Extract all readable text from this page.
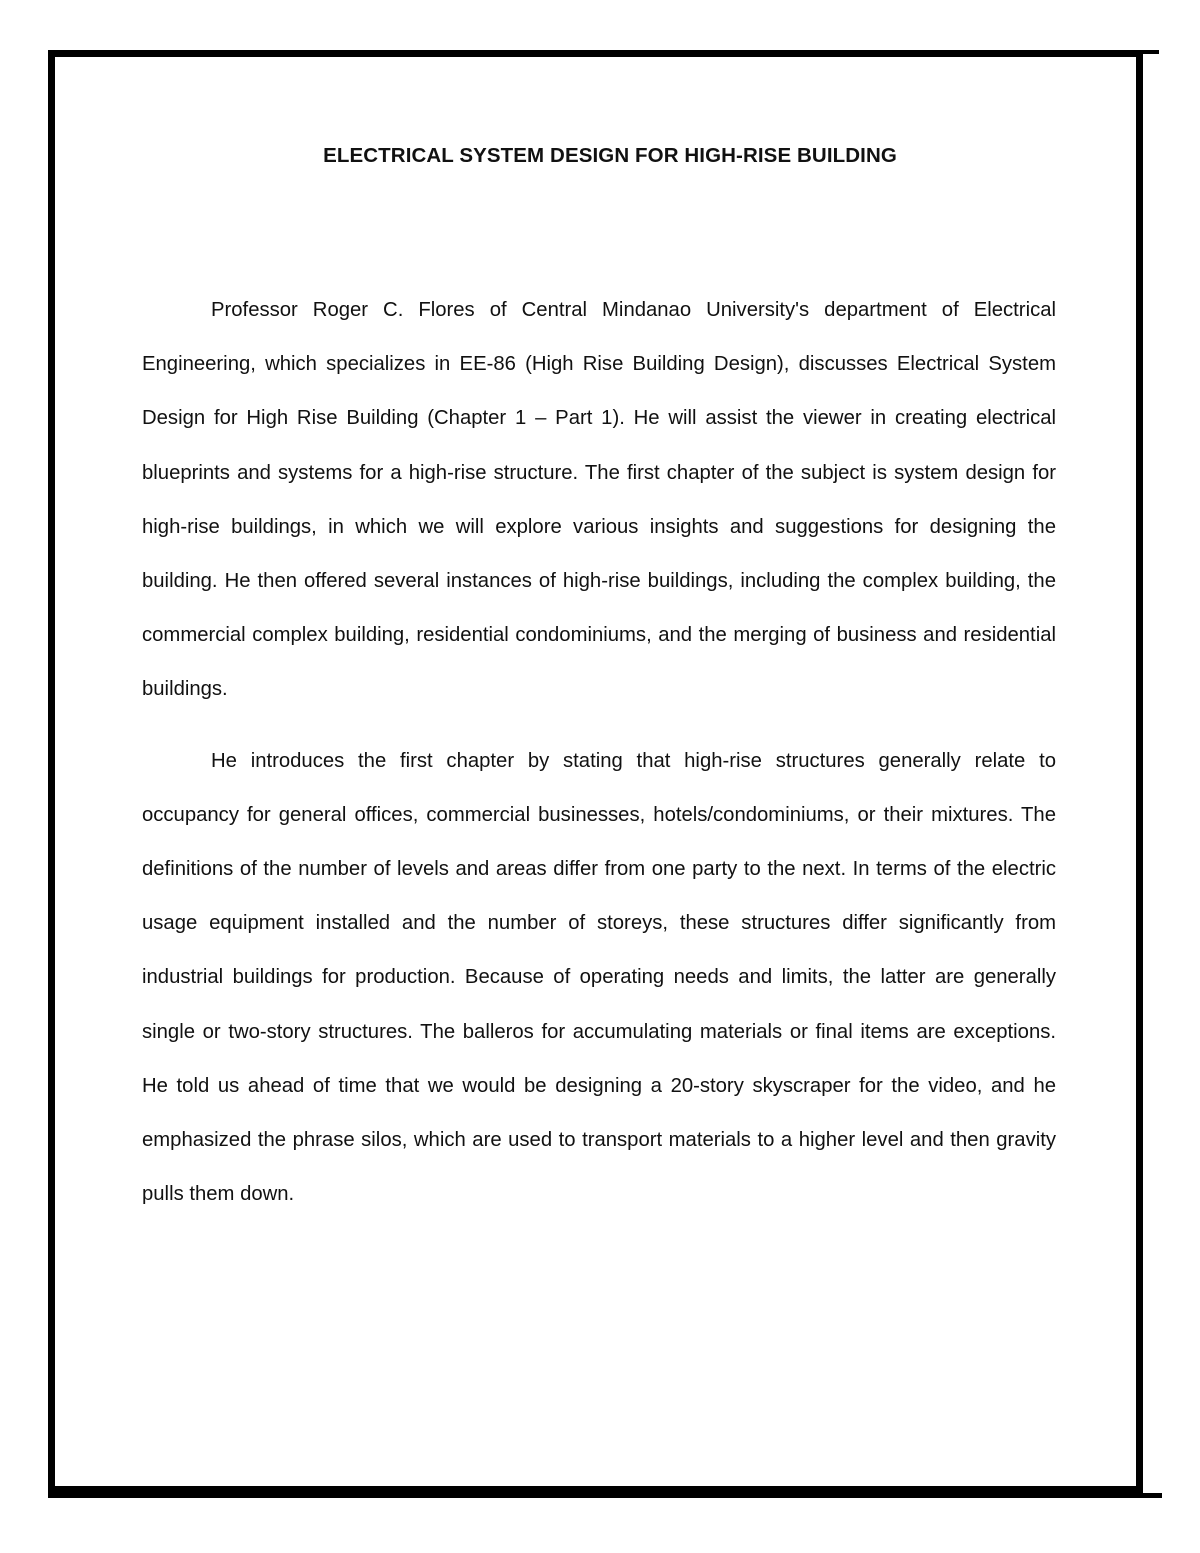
ELECTRICAL SYSTEM DESIGN FOR HIGH-RISE BUILDING

Professor Roger C. Flores of Central Mindanao University's department of Electrical Engineering, which specializes in EE-86 (High Rise Building Design), discusses Electrical System Design for High Rise Building (Chapter 1 – Part 1). He will assist the viewer in creating electrical blueprints and systems for a high-rise structure. The first chapter of the subject is system design for high-rise buildings, in which we will explore various insights and suggestions for designing the building. He then offered several instances of high-rise buildings, including the complex building, the commercial complex building, residential condominiums, and the merging of business and residential buildings.

He introduces the first chapter by stating that high-rise structures generally relate to occupancy for general offices, commercial businesses, hotels/condominiums, or their mixtures. The definitions of the number of levels and areas differ from one party to the next. In terms of the electric usage equipment installed and the number of storeys, these structures differ significantly from industrial buildings for production. Because of operating needs and limits, the latter are generally single or two-story structures. The balleros for accumulating materials or final items are exceptions. He told us ahead of time that we would be designing a 20-story skyscraper for the video, and he emphasized the phrase silos, which are used to transport materials to a higher level and then gravity pulls them down.
